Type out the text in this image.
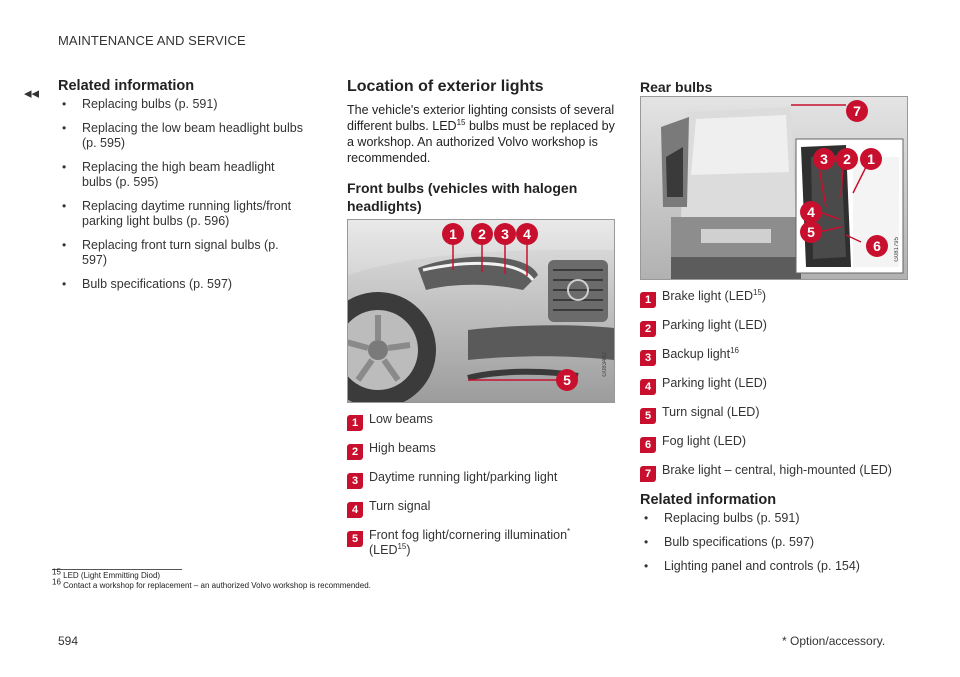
MAINTENANCE AND SERVICE
◂◂ Related information
• Replacing bulbs (p. 591)
• Replacing the low beam headlight bulbs (p. 595)
• Replacing the high beam headlight bulbs (p. 595)
• Replacing daytime running lights/front parking light bulbs (p. 596)
• Replacing front turn signal bulbs (p. 597)
• Bulb specifications (p. 597)
Location of exterior lights

The vehicle's exterior lighting consists of several different bulbs. LED$^{15}$ bulbs must be replaced by a workshop. An authorized Volvo workshop is recommended.

Front bulbs (vehicles with halogen headlights)
1	2	3	4
5
G083482
1 Low beams
2 High beams
3 Daytime running light/parking light
4 Turn signal
5 Front fog light/cornering illumination*
(LED$^{15}$)
Rear bulbs
7
3	2	1
4
5
6	G081795
1 Brake light (LED$^{15}$)
2 Parking light (LED)
3 Backup light$^{16}$
4 Parking light (LED)
5 Turn signal (LED)
6 Fog light (LED)
7 Brake light – central, high-mounted (LED)
Related information
• Replacing bulbs (p. 591)
• Bulb specifications (p. 597)
• Lighting panel and controls (p. 154)
$^{15}$ LED (Light Emmitting Diod)
$^{16}$ Contact a workshop for replacement – an authorized Volvo workshop is recommended.
594	* Option/accessory.
